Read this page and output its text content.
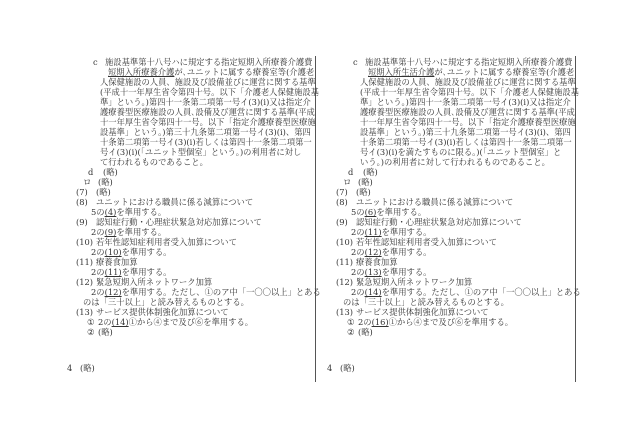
c 施設基準第十八号ハに規定する指定短期入所療養介護費
短期入所療養介護が､ユニットに属する療養室等(介護老
人保健施設の人員、施設及び設備並びに運営に関する基準
(平成十一年厚生省令第四十号。以下「介護老人保健施設基
準」という。)第四十一条第二項第一号イ(3)(i)又は指定介
護療養型医療施設の人員､設備及び運営に関する基準(平成
十一年厚生省令第四十一号。以下「指定介護療養型医療施
設基準」という。)第三十九条第二項第一号イ(3)(i)、第四
十条第二項第一号イ(3)(i)若しくは第四十一条第二項第一
号イ(3)(i)(「ユニット型個室」という。)の利用者に対し
て行われるものであること。
d (略)
ロ (略)
(7) (略)
(8) ユニットにおける職員に係る減算について
5の(4)を準用する。
(9) 認知症行動・心理症状緊急対応加算について
2の(9)を準用する。
(10) 若年性認知症利用者受入加算について
2の(10)を準用する。
(11) 療養食加算
2の(11)を準用する。
(12) 緊急短期入所ネットワーク加算
2の(12)を準用する。ただし、①のア中「一〇〇以上」とある
のは「三十以上」と読み替えるものとする。
(13) サービス提供体制強化加算について
① 2の(14)①から④まで及び⑥を準用する。
② (略)
4 (略)
c 施設基準第十八号ハに規定する指定短期入所療養介護費
短期入所生活介護が､ユニットに属する療養室等(介護老
人保健施設の人員、施設及び設備並びに運営に関する基準
(平成十一年厚生省令第四十号。以下「介護老人保健施設基
準」という。)第四十一条第二項第一号イ(3)(i)又は指定介
護療養型医療施設の人員､設備及び運営に関する基準(平成
十一年厚生省令第四十一号。以下「指定介護療養型医療施
設基準」という。)第三十九条第二項第一号イ(3)(i)、第四
十条第二項第一号イ(3)(i)若しくは第四十一条第二項第一
号イ(3)(i)を満たすものに限る。)(「ユニット型個室」と
いう。)の利用者に対して行われるものであること。
d (略)
ロ (略)
(7) (略)
(8) ユニットにおける職員に係る減算について
5の(6)を準用する。
(9) 認知症行動・心理症状緊急対応加算について
2の(11)を準用する。
(10) 若年性認知症利用者受入加算について
2の(12)を準用する。
(11) 療養食加算
2の(13)を準用する。
(12) 緊急短期入所ネットワーク加算
2の(14)を準用する。ただし、①のア中「一〇〇以上」とある
のは「三十以上」と読み替えるものとする。
(13) サービス提供体制強化加算について
① 2の(16)①から④まで及び⑥を準用する。
② (略)
4 (略)
